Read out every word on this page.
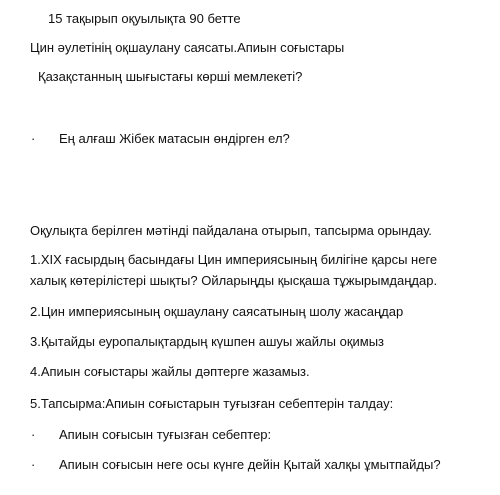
15 тақырып оқуылықта 90 бетте
Цин әулетінің оқшаулану саясаты.Апиын соғыстары
Қазақстанның шығыстағы көрші мемлекеті?
· Ең алғаш Жібек матасын өндірген ел?
Оқулықта берілген мәтінді пайдалана отырып, тапсырма орындау.
1.XIX ғасырдың басындағы Цин империясының билігіне қарсы неге халық көтерілістері шықты? Ойларыңды қысқаша тұжырымдаңдар.
2.Цин империясының оқшаулану саясатының шолу жасаңдар
3.Қытайды еуропалықтардың күшпен ашуы жайлы оқимыз
4.Апиын соғыстары жайлы дәптерге жазамыз.
5.Тапсырма:Апиын соғыстарын туғызған себептерін талдау:
· Апиын соғысын туғызған себептер:
· Апиын соғысын неге осы күнге дейін Қытай халқы ұмытпайды?
